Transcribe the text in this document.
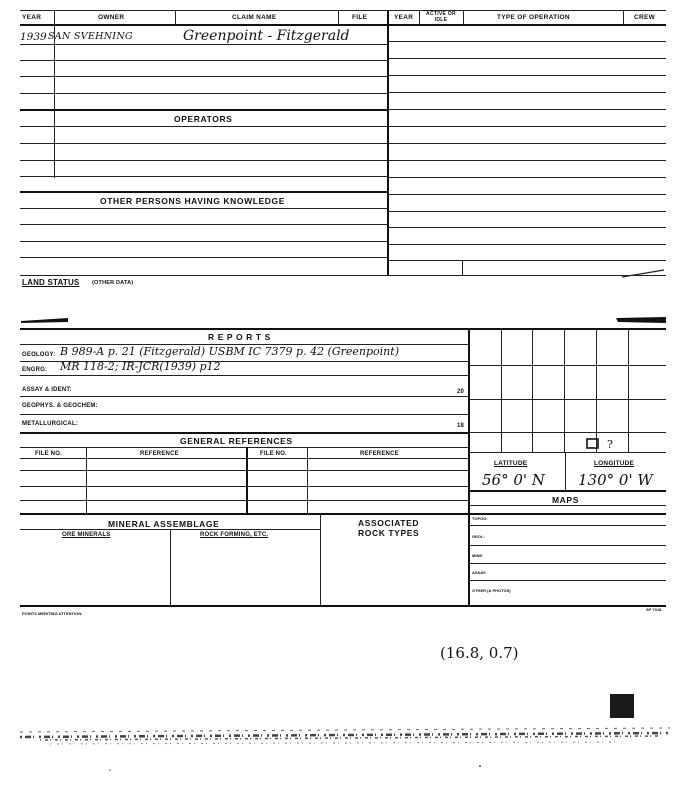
YEAR	OWNER	CLAIM NAME	FILE	YEAR	ACTIVE OR IDLE	TYPE OF OPERATION	CREW
1939 SAN SVEHNING	Greenpoint - Fitzgerald
OPERATORS
OTHER PERSONS HAVING KNOWLEDGE
LAND STATUS (OTHER DATA)
R E P O R T S
GEOLOGY: B 989-A p. 21 (Fitzgerald) USBM IC 7379 p. 42 (Greenpoint)
ENGRG: MR 118-2; IR-JCR(1939) p12
ASSAY & IDENT:	20
GEOPHYS. & GEOCHEM:
METALLURGICAL:	18
GENERAL REFERENCES
FILE NO.	REFERENCE	FILE NO.	REFERENCE
MINERAL ASSEMBLAGE
ORE MINERALS	ROCK FORMING, ETC.
ASSOCIATED
ROCK TYPES
?
LATITUDE	LONGITUDE
56° 0' N 130° 0' W
MAPS
TOPOG:
GEOL:
MINE:
ASSAY:
OTHER (& PHOTOS)
POINTS MERITING ATTENTION:
SP 7018
(16.8, 0.7)
